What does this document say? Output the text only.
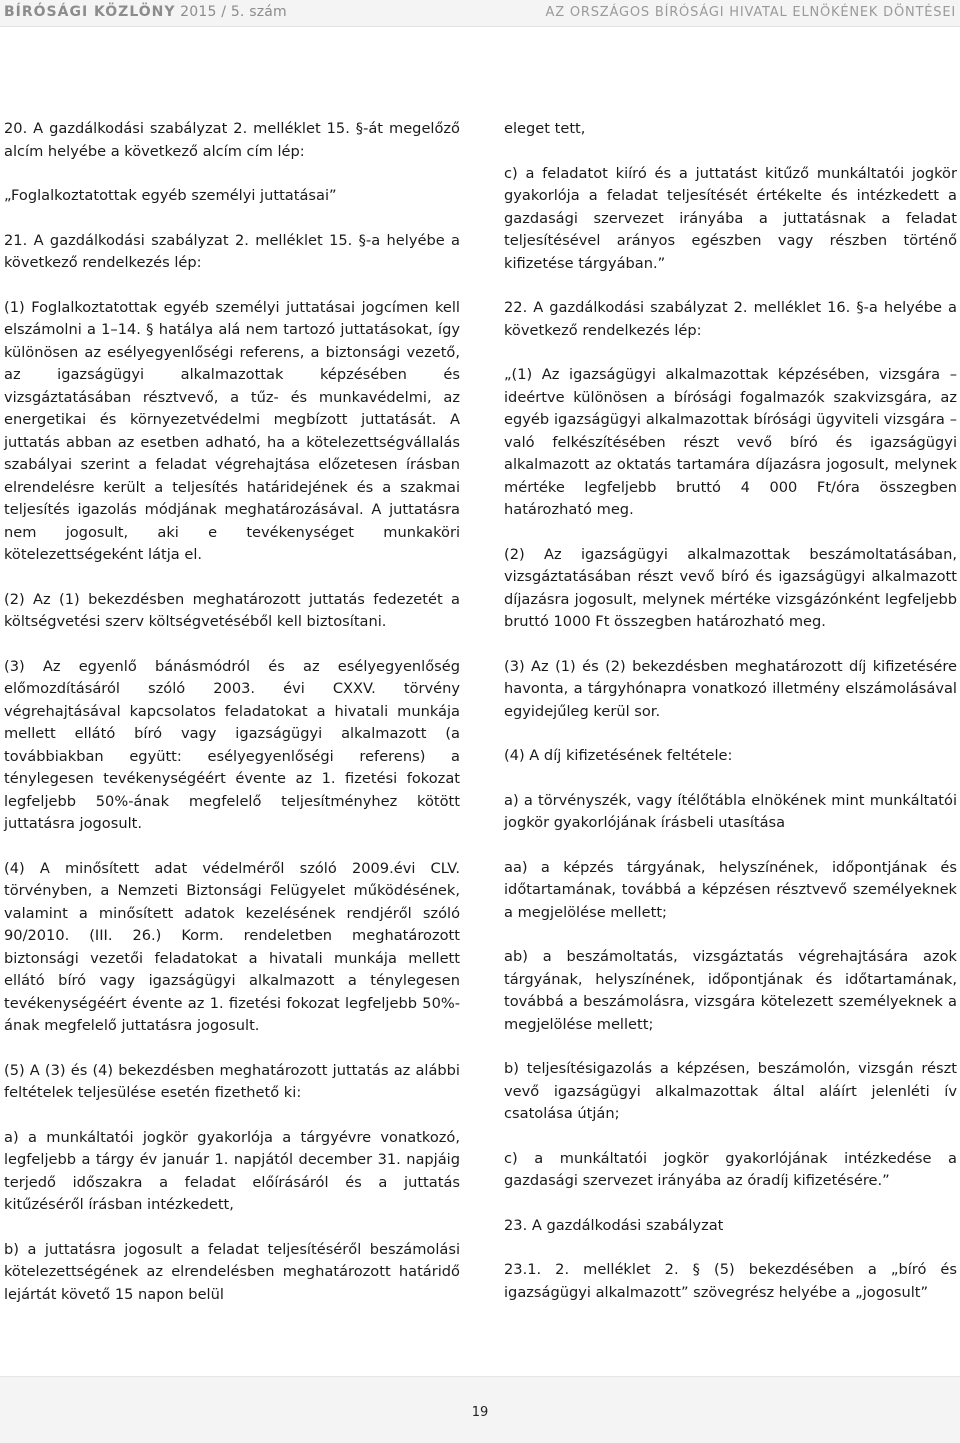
BÍRÓSÁGI KÖZLÖNY 2015 / 5. szám	AZ ORSZÁGOS BÍRÓSÁGI HIVATAL ELNÖKÉNEK DÖNTÉSEI

20. A gazdálkodási szabályzat 2. melléklet 15. §-át megelőző alcím helyébe a következő alcím cím lép:

„Foglalkoztatottak egyéb személyi juttatásai”

21. A gazdálkodási szabályzat 2. melléklet 15. §-a helyébe a következő rendelkezés lép:

(1) Foglalkoztatottak egyéb személyi juttatásai jogcímen kell elszámolni a 1–14. § hatálya alá nem tartozó juttatásokat, így különösen az esélyegyenlőségi referens, a biztonsági vezető, az igazságügyi alkalmazottak képzésében és vizsgáztatásában résztvevő, a tűz- és munkavédelmi, az energetikai és környezetvédelmi megbízott juttatását. A juttatás abban az esetben adható, ha a kötelezettségvállalás szabályai szerint a feladat végrehajtása előzetesen írásban elrendelésre került a teljesítés határidejének és a szakmai teljesítés igazolás módjának meghatározásával. A juttatásra nem jogosult, aki e tevékenységet munkaköri kötelezettségeként látja el.

(2) Az (1) bekezdésben meghatározott juttatás fedezetét a költségvetési szerv költségvetéséből kell biztosítani.

(3) Az egyenlő bánásmódról és az esélyegyenlőség előmozdításáról szóló 2003. évi CXXV. törvény végrehajtásával kapcsolatos feladatokat a hivatali munkája mellett ellátó bíró vagy igazságügyi alkalmazott (a továbbiakban együtt: esélyegyenlőségi referens) a ténylegesen tevékenységéért évente az 1. fizetési fokozat legfeljebb 50%-ának megfelelő teljesítményhez kötött juttatásra jogosult.

(4) A minősített adat védelméről szóló 2009.évi CLV. törvényben, a Nemzeti Biztonsági Felügyelet működésének, valamint a minősített adatok kezelésének rendjéről szóló 90/2010. (III. 26.) Korm. rendeletben meghatározott biztonsági vezetői feladatokat a hivatali munkája mellett ellátó bíró vagy igazságügyi alkalmazott a ténylegesen tevékenységéért évente az 1. fizetési fokozat legfeljebb 50%-ának megfelelő juttatásra jogosult.

(5) A (3) és (4) bekezdésben meghatározott juttatás az alábbi feltételek teljesülése esetén fizethető ki:

a) a munkáltatói jogkör gyakorlója a tárgyévre vonatkozó, legfeljebb a tárgy év január 1. napjától december 31. napjáig terjedő időszakra a feladat előírásáról és a juttatás kitűzéséről írásban intézkedett,

b) a juttatásra jogosult a feladat teljesítéséről beszámolási kötelezettségének az elrendelésben meghatározott határidő lejártát követő 15 napon belül

eleget tett,

c) a feladatot kiíró és a juttatást kitűző munkáltatói jogkör gyakorlója a feladat teljesítését értékelte és intézkedett a gazdasági szervezet irányába a juttatásnak a feladat teljesítésével arányos egészben vagy részben történő kifizetése tárgyában.”

22. A gazdálkodási szabályzat 2. melléklet 16. §-a helyébe a következő rendelkezés lép:

„(1) Az igazságügyi alkalmazottak képzésében, vizsgára – ideértve különösen a bírósági fogalmazók szakvizsgára, az egyéb igazságügyi alkalmazottak bírósági ügyviteli vizsgára – való felkészítésében részt vevő bíró és igazságügyi alkalmazott az oktatás tartamára díjazásra jogosult, melynek mértéke legfeljebb bruttó 4 000 Ft/óra összegben határozható meg.

(2) Az igazságügyi alkalmazottak beszámoltatásában, vizsgáztatásában részt vevő bíró és igazságügyi alkalmazott díjazásra jogosult, melynek mértéke vizsgázónként legfeljebb bruttó 1000 Ft összegben határozható meg.

(3) Az (1) és (2) bekezdésben meghatározott díj kifizetésére havonta, a tárgyhónapra vonatkozó illetmény elszámolásával egyidejűleg kerül sor.

(4) A díj kifizetésének feltétele:

a) a törvényszék, vagy ítélőtábla elnökének mint munkáltatói jogkör gyakorlójának írásbeli utasítása

aa) a képzés tárgyának, helyszínének, időpontjának és időtartamának, továbbá a képzésen résztvevő személyeknek a megjelölése mellett;

ab) a beszámoltatás, vizsgáztatás végrehajtására azok tárgyának, helyszínének, időpontjának és időtartamának, továbbá a beszámolásra, vizsgára kötelezett személyeknek a megjelölése mellett;

b) teljesítésigazolás a képzésen, beszámolón, vizsgán részt vevő igazságügyi alkalmazottak által aláírt jelenléti ív csatolása útján;

c) a munkáltatói jogkör gyakorlójának intézkedése a gazdasági szervezet irányába az óradíj kifizetésére.”

23. A gazdálkodási szabályzat

23.1. 2. melléklet 2. § (5) bekezdésében a „bíró és igazságügyi alkalmazott” szövegrész helyébe a „jogosult”

19
